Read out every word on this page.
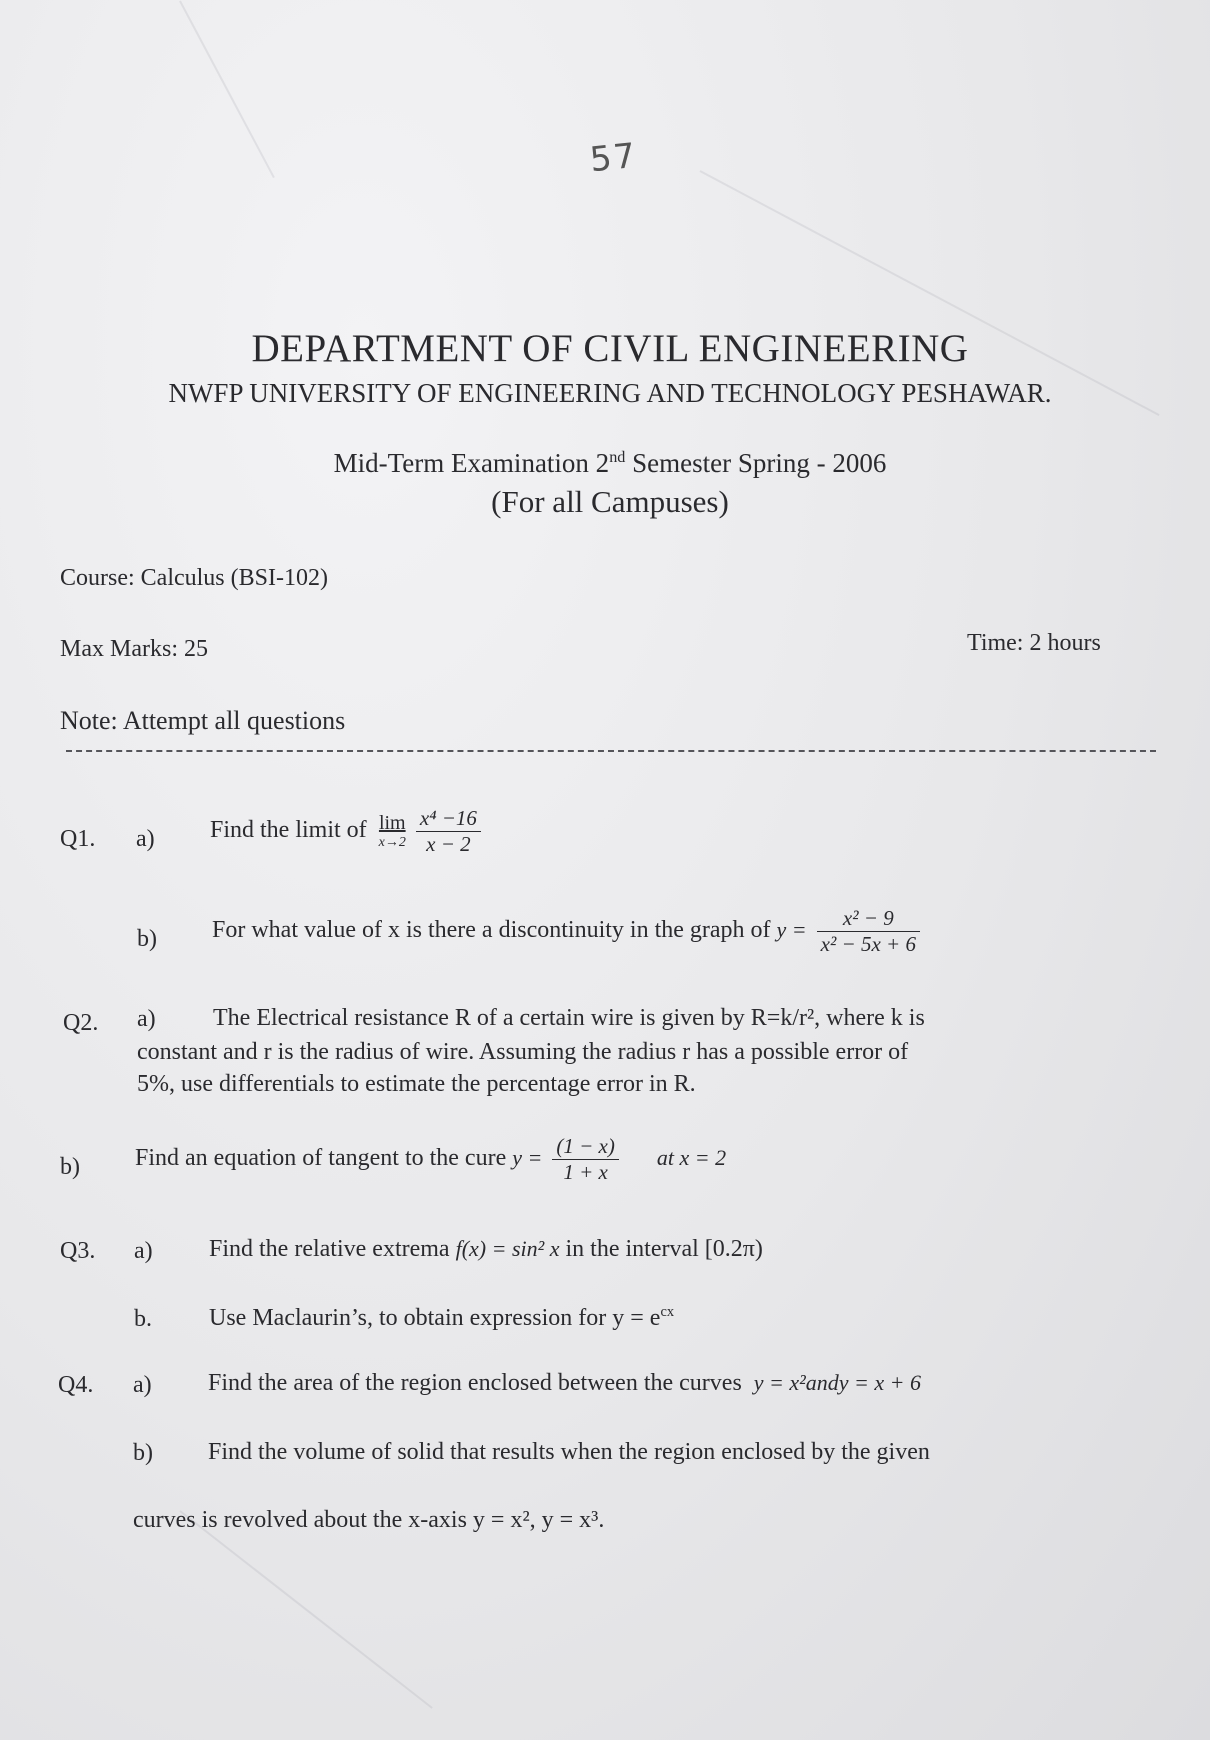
57
DEPARTMENT OF CIVIL ENGINEERING
NWFP UNIVERSITY OF ENGINEERING AND TECHNOLOGY PESHAWAR.
Mid-Term Examination 2nd Semester Spring - 2006
(For all Campuses)
Course: Calculus (BSI-102)
Max Marks: 25	Time: 2 hours
Note: Attempt all questions
Q1. a) Find the limit of lim
x→2
$\frac{\text{x⁴ −16}}{x - 2}$
b) For what value of x is there a discontinuity in the graph of $y = \frac{\text{x² − 9}}{\text{x² − 5x + 6}}$
Q2. a) The Electrical resistance R of a certain wire is given by R=k/r², where k is
constant and r is the radius of wire. Assuming the radius r has a possible error of
5%, use differentials to estimate the percentage error in R.
b) Find an equation of tangent to the cure $y = \frac{(1 - x)}{1 + x}$ at x = 2
Q3. a) Find the relative extrema f(x) = sin² x in the interval [0.2π)
b. Use Maclaurin’s, to obtain expression for $y = e^{cx}$
Q4. a) Find the area of the region enclosed between the curves y = x²andy = x + 6
b) Find the volume of solid that results when the region enclosed by the given
curves is revolved about the x-axis y = x², y = x³.
